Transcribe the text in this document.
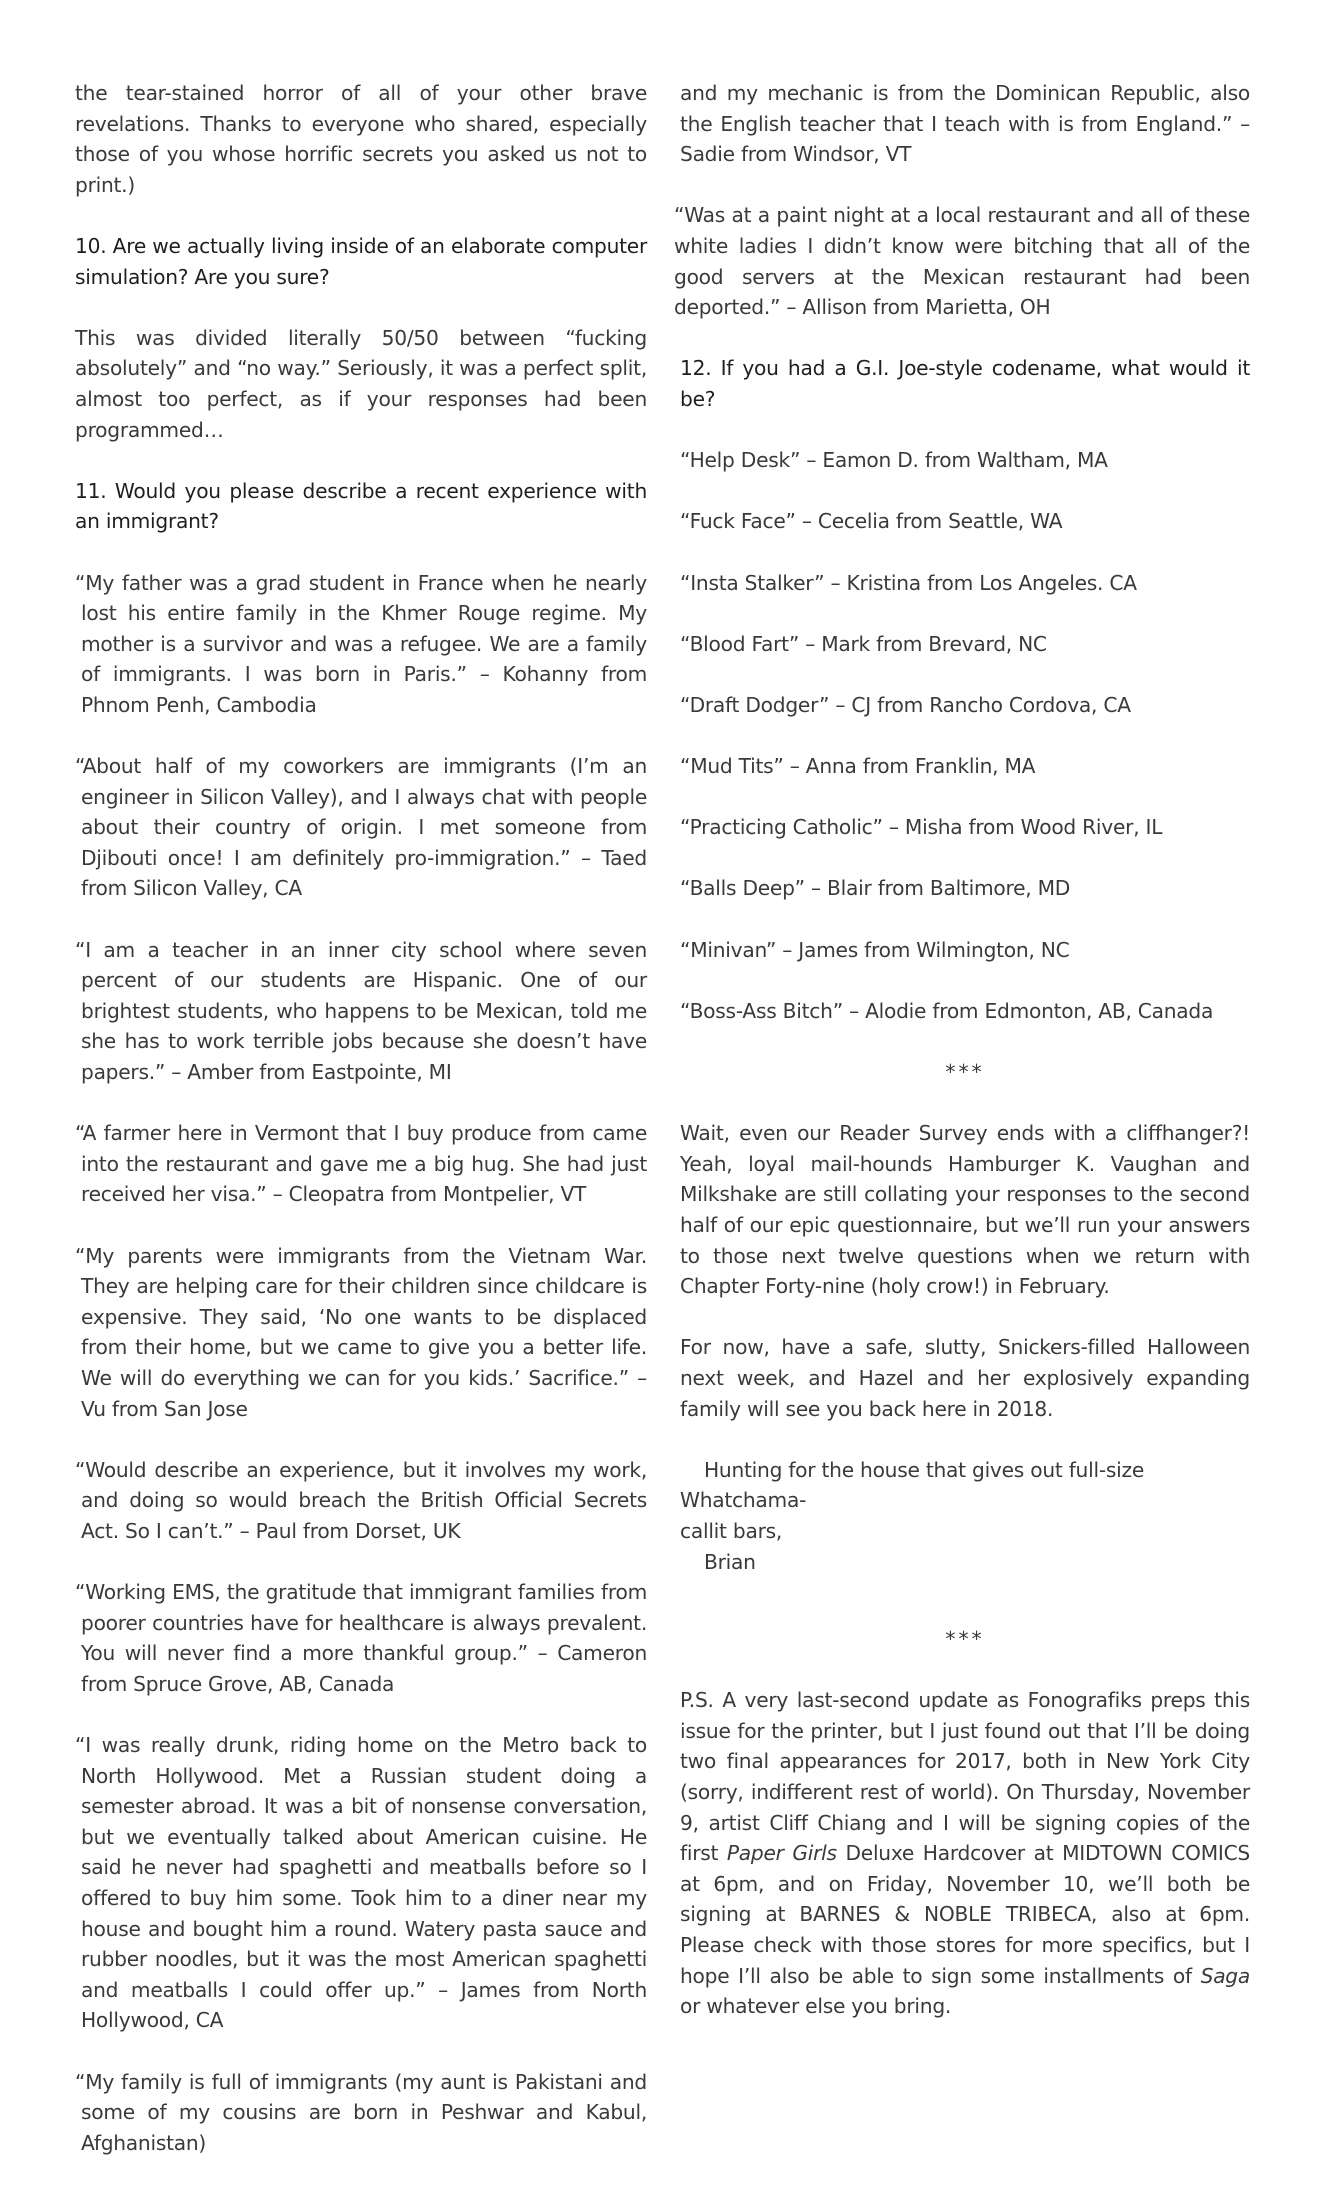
the tear-stained horror of all of your other brave revelations. Thanks to everyone who shared, especially those of you whose horrific secrets you asked us not to print.)

10. Are we actually living inside of an elaborate computer simulation? Are you sure?

This was divided literally 50/50 between “fucking absolutely” and “no way.” Seriously, it was a perfect split, almost too perfect, as if your responses had been programmed…

11. Would you please describe a recent experience with an immigrant?

“My father was a grad student in France when he nearly lost his entire family in the Khmer Rouge regime. My mother is a survivor and was a refugee. We are a family of immigrants. I was born in Paris.” – Kohanny from Phnom Penh, Cambodia

“About half of my coworkers are immigrants (I’m an engineer in Silicon Valley), and I always chat with people about their country of origin. I met someone from Djibouti once! I am definitely pro-immigration.” – Taed from Silicon Valley, CA

“I am a teacher in an inner city school where seven percent of our students are Hispanic. One of our brightest students, who happens to be Mexican, told me she has to work terrible jobs because she doesn’t have papers.” – Amber from Eastpointe, MI

“A farmer here in Vermont that I buy produce from came into the restaurant and gave me a big hug. She had just received her visa.” – Cleopatra from Montpelier, VT

“My parents were immigrants from the Vietnam War. They are helping care for their children since childcare is expensive. They said, ‘No one wants to be displaced from their home, but we came to give you a better life. We will do everything we can for you kids.’ Sacrifice.” – Vu from San Jose

“Would describe an experience, but it involves my work, and doing so would breach the British Official Secrets Act. So I can’t.” – Paul from Dorset, UK

“Working EMS, the gratitude that immigrant families from poorer countries have for healthcare is always prevalent. You will never find a more thankful group.” – Cameron from Spruce Grove, AB, Canada

“I was really drunk, riding home on the Metro back to North Hollywood. Met a Russian student doing a semester abroad. It was a bit of nonsense conversation, but we eventually talked about American cuisine. He said he never had spaghetti and meatballs before so I offered to buy him some. Took him to a diner near my house and bought him a round. Watery pasta sauce and rubber noodles, but it was the most American spaghetti and meatballs I could offer up.” – James from North Hollywood, CA

“My family is full of immigrants (my aunt is Pakistani and some of my cousins are born in Peshwar and Kabul, Afghanistan)

and my mechanic is from the Dominican Republic, also the English teacher that I teach with is from England.” – Sadie from Windsor, VT

“Was at a paint night at a local restaurant and all of these white ladies I didn’t know were bitching that all of the good servers at the Mexican restaurant had been deported.” – Allison from Marietta, OH

12. If you had a G.I. Joe-style codename, what would it be?

“Help Desk” – Eamon D. from Waltham, MA

“Fuck Face” – Cecelia from Seattle, WA

“Insta Stalker” – Kristina from Los Angeles. CA

“Blood Fart” – Mark from Brevard, NC

“Draft Dodger” – CJ from Rancho Cordova, CA

“Mud Tits” – Anna from Franklin, MA

“Practicing Catholic” – Misha from Wood River, IL

“Balls Deep” – Blair from Baltimore, MD

“Minivan” – James from Wilmington, NC

“Boss-Ass Bitch” – Alodie from Edmonton, AB, Canada

***

Wait, even our Reader Survey ends with a cliffhanger?! Yeah, loyal mail-hounds Hamburger K. Vaughan and Milkshake are still collating your responses to the second half of our epic questionnaire, but we’ll run your answers to those next twelve questions when we return with Chapter Forty-nine (holy crow!) in February.

For now, have a safe, slutty, Snickers-filled Halloween next week, and Hazel and her explosively expanding family will see you back here in 2018.

Hunting for the house that gives out full-size Whatchama-
callit bars,
Brian

***

P.S. A very last-second update as Fonografiks preps this issue for the printer, but I just found out that I’ll be doing two final appearances for 2017, both in New York City (sorry, indifferent rest of world). On Thursday, November 9, artist Cliff Chiang and I will be signing copies of the first Paper Girls Deluxe Hardcover at MIDTOWN COMICS at 6pm, and on Friday, November 10, we’ll both be signing at BARNES & NOBLE TRIBECA, also at 6pm. Please check with those stores for more specifics, but I hope I’ll also be able to sign some installments of Saga or whatever else you bring.
